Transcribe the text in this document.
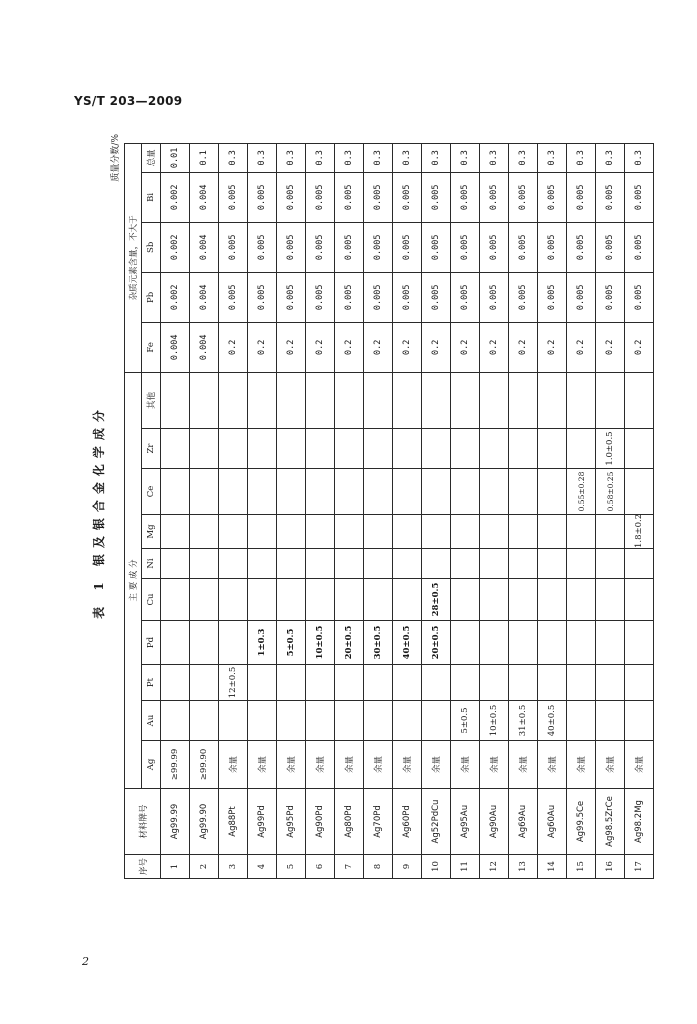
YS/T 203—2009
表 1 银及银合金化学成分
质量分数/%
序号	材料牌号	主 要 成 分										杂质元素含量，不大于				
		Ag	Au	Pt	Pd	Cu	Ni	Mg	Ce	Zr	其他	Fe	Pb	Sb	Bi	总量
1	Ag99.99	≥99.99										0.004	0.002	0.002	0.002	0.01
2	Ag99.90	≥99.90										0.004	0.004	0.004	0.004	0.1
3	Ag88Pt	余量		12±0.5								0.2	0.005	0.005	0.005	0.3
4	Ag99Pd	余量			1±0.3							0.2	0.005	0.005	0.005	0.3
5	Ag95Pd	余量			5±0.5							0.2	0.005	0.005	0.005	0.3
6	Ag90Pd	余量			10±0.5							0.2	0.005	0.005	0.005	0.3
7	Ag80Pd	余量			20±0.5							0.2	0.005	0.005	0.005	0.3
8	Ag70Pd	余量			30±0.5							0.2	0.005	0.005	0.005	0.3
9	Ag60Pd	余量			40±0.5							0.2	0.005	0.005	0.005	0.3
10	Ag52PdCu	余量			20±0.5	28±0.5						0.2	0.005	0.005	0.005	0.3
11	Ag95Au	余量	5±0.5									0.2	0.005	0.005	0.005	0.3
12	Ag90Au	余量	10±0.5									0.2	0.005	0.005	0.005	0.3
13	Ag69Au	余量	31±0.5									0.2	0.005	0.005	0.005	0.3
14	Ag60Au	余量	40±0.5									0.2	0.005	0.005	0.005	0.3
15	Ag99.5Ce	余量							0.55±0.28			0.2	0.005	0.005	0.005	0.3
16	Ag98.5ZrCe	余量							0.58±0.25	1.0±0.5		0.2	0.005	0.005	0.005	0.3
17	Ag98.2Mg	余量						1.8±0.2				0.2	0.005	0.005	0.005	0.3
2
